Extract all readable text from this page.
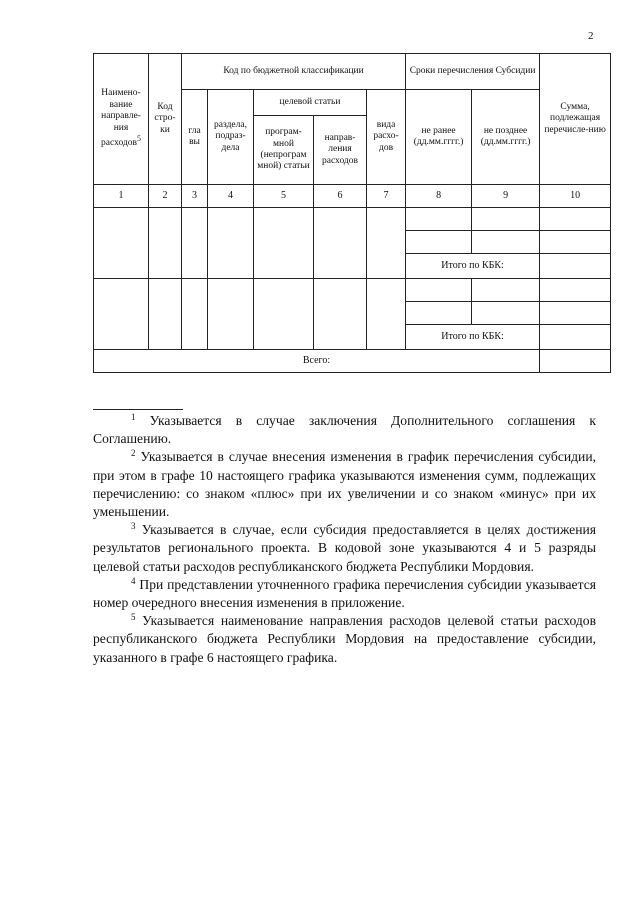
2
Наимено-вание направле-ния расходов$^5$	Код стро-ки	Код по бюджетной классификации					Сроки перечисления Субсидии		Сумма, подлежащая перечисле-нию
		гла вы	раздела, подраз-дела	целевой статьи		вида расхо-дов	не ранее (дд.мм.гггг.)	не позднее (дд.мм.гггг.)	
				програм-мной (непрограм мной) статьи	направ-ления расходов				
1	2	3	4	5	6	7	8	9	10

							Итого по КБК:		

							Итого по КБК:		
Всего:									

$^1$ Указывается в случае заключения Дополнительного соглашения к Соглашению.

$^2$ Указывается в случае внесения изменения в график перечисления субсидии, при этом в графе 10 настоящего графика указываются изменения сумм, подлежащих перечислению: со знаком «плюс» при их увеличении и со знаком «минус» при их уменьшении.

$^3$ Указывается в случае, если субсидия предоставляется в целях достижения результатов регионального проекта. В кодовой зоне указываются 4 и 5 разряды целевой статьи расходов республиканского бюджета Республики Мордовия.

$^4$ При представлении уточненного графика перечисления субсидии указывается номер очередного внесения изменения в приложение.

$^5$ Указывается наименование направления расходов целевой статьи расходов республиканского бюджета Республики Мордовия на предоставление субсидии, указанного в графе 6 настоящего графика.
